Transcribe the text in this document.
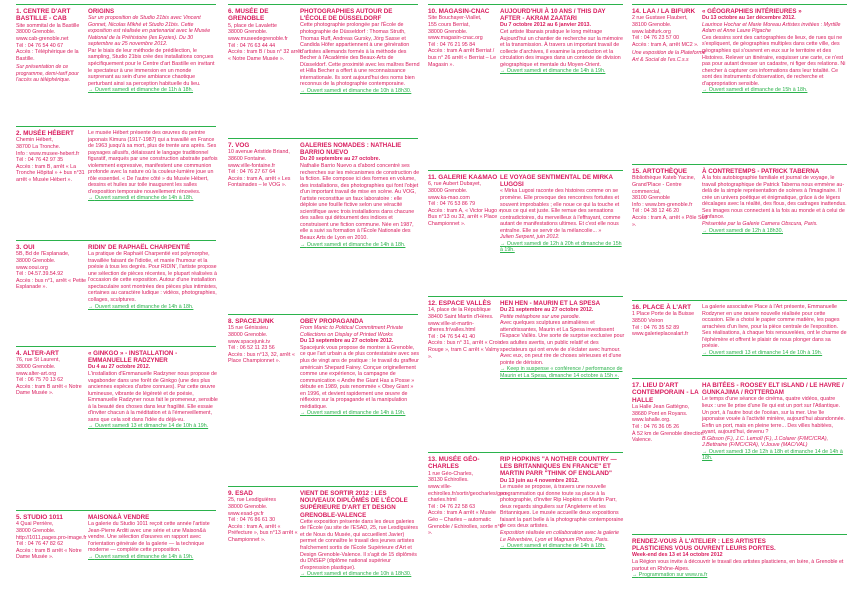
1. CENTRE D'ART BASTILLE - CAB
Site sommital de la Bastille
38000 Grenoble.
www.cab-grenoble.net
Tél : 04 76 54 40 67
Accès : Téléphérique de la Bastille.
Sur présentation de ce programme, demi-tarif pour l'accès au téléphérique.
ORIGINS
Sur un proposition de Studio 21bis avec Vincent Gonnet, Nicolas Mikhé et Studio 21bis. Cette exposition est réalisée en partenariat avec le Musée National de la Préhistoire (les Eyzies). Du 30 septembre au 25 novembre 2012.
Par le biais de leur méthode de prédilection, le sampling, Studio 21bis crée des installations conçues spécifiquement pour le Centre d'art Bastille en invitant le spectateur à une immersion en un monde surprenant au sein d'une ambiance chaotique perturbant ainsi sa perception habituelle du lieu.
→ Ouvert samedi et dimanche de 11h à 18h.
2. MUSÉE HÉBERT
Chemin Hébert,
38700 La Tronche.
Info : www.musee-hebert.fr
Tél : 04 76 42 97 35
Accès : tram B, arrêt « La Tronche Hôpital » + bus n°31 arrêt « Musée Hébert ».
Le musée Hébert présente des œuvres du peintre japonais Kimura (1917-1987) qui a travaillé en France de 1963 jusqu'à sa mort, plus de trente ans après. Ses paysages allusifs, délaissant le langage traditionnel figuratif, marqués par une construction abstraite parfois violemment expressive, manifestent une communion profonde avec la nature où la couleur-lumière joue un rôle essentiel. « De l'autre côté » du Musée Hébert, dessins et huiles sur toile inaugurent les salles d'exposition temporaire nouvellement rénovées.
→ Ouvert samedi et dimanche de 14h à 18h.
3. OUI
5B, Bd de l'Esplanade,
38000 Grenoble.
www.ooui.org
Tél : 04.57.39.54.92
Accès : bus n°1, arrêt « Petite Esplanade ».
RIDIN' DE RAPHAËL CHARPENTIÉ
La pratique de Raphaël Charpentié est polymorphe, travaillée faisant de l'idiotie, et manie l'humour et la poésie à tous les degrés. Pour RIDIN', l'artiste propose une sélection de pièces récentes, le plupart réalisées à l'occasion de cette exposition. Autour d'une installation spectaculaire sont montrées des pièces plus intimistes, certaines au caractère ludique : vidéos, photographies, collages, sculptures.
→ Ouvert samedi et dimanche de 14h à 18h.
4. ALTER-ART
76, rue St Laurent,
38000 Grenoble.
www.alter-art.org
Tél : 06 75 70 13 62
Accès : tram B arrêt « Notre Dame Musée ».
« GINKGO » - INSTALLATION - EMMANUELLE RADZYNER
Du 4 au 27 octobre 2012.
L'installation d'Emmanuelle Radzyner nous propose de vagabonder dans une forêt de Ginkgo (une des plus anciennes espèces d'arbre connues). Par cette œuvre lumineuse, vibrante de légèreté et de poésie, Emmanuelle Radzyner nous fait le promeneur, sensible à la beauté des choses dans leur fragilité. Elle essaie d'inviter chacun à la méditation et à l'émerveillement, sans que cela soit dans l'idée du déjà-vu.
→ Ouvert samedi 13 et dimanche 14 de 10h à 19h.
5. STUDIO 1011
4 Quai Perrière,
38000 Grenoble.
http://1011.pages.pro-image.fr
Tél : 04 76 47 82 62
Accès : tram B arrêt « Notre Dame Musée ».
MAISON&À VENDRE
La galerie du Studio 1011 reçoit cette année l'artiste Jean-Pierre Arditi avec une série et une Maison&à vendre. Une sélection d'œuvres en rapport avec l'orientation générale de la galerie — la technique moderne — complète cette proposition.
→ Ouvert samedi et dimanche de 14h à 19h.
6. MUSÉE DE GRENOBLE
5, place de Lavalette
38000 Grenoble.
www.museedegrenoble.fr
Tél : 04 76 63 44 44
Accès : tram B / bus n° 32 arrêt « Notre Dame Musée ».
PHOTOGRAPHIES AUTOUR DE L'ÉCOLE DE DÜSSELDORF
Cette photographie prolongée par l'École de photographie de Düsseldorf : Thomas Struth, Thomas Ruff, Andreas Gursky, Jörg Sasse et Candida Höfer appartiennent à une génération d'artistes allemands formés à la méthode des Becher à l'Académie des Beaux-Arts de Düsseldorf. Cette proximité avec les maîtres Bernd et Hilla Becher a offert à une reconnaissance internationale. Ils sont aujourd'hui des noms bien reconnus de la photographie contemporaine.
→ Ouvert samedi et dimanche de 10h à 18h30.
7. VOG
10 avenue Aristide Briand, 38600 Fontaine.
www.ville-fontaine.fr
Tél : 04 76 27 67 64
Accès : tram A, arrêt « Les Fontainades – le VOG ».
GALERIES NOMADES : NATHALIE BARRIO NUEVO
Du 20 septembre au 27 octobre.
Nathalie Barrio Nuevo a d'abord concentré ses recherches sur les mécanismes de construction de la fiction. Elle compose ici des formes en volume, des installations, des photographies qui font l'objet d'un important travail de mise en scène. Au VOG, l'artiste reconstitue un faux laboratoire : elle déploie une fouille fictive selon une véracité scientifique avec trois installations dans chacune des salles qui détournent des indices et construisent une fiction commune. Née en 1987, elle a suivi sa formation à l'École Nationale des Beaux Arts de Lyon en 2010.
→ Ouvert samedi et dimanche de 14h à 18h.
8. SPACEJUNK
15 rue Génissieu
38000 Grenoble.
www.spacejunk.tv
Tél : 06 52 11 23 56
Accès : bus n°13, 32, arrêt « Place Championnet ».
OBEY PROPAGANDA
From Manic to Political Commitment Private Collections on Display of Printed Works
Du 13 septembre au 27 octobre 2012.
Spacejunk vous propose de montrer à Grenoble, ce que l'art urbain a de plus contestataire avec ses plus de vingt ans de pratique : le travail du graffeur américain Shepard Fairey. Conçue originellement comme une expérience, la campagne de communication « Andre the Giant Has a Posse » débute en 1989, puis renommée « Obey Giant » en 1996, et devient rapidement une œuvre de réflexion sur la propagande et la manipulation médiatique.
→ Ouvert samedi et dimanche de 14h à 19h.
9. ESAD
25, rue Lesdiguières
38000 Grenoble.
www.esad-gv.fr
Tél : 04 76 86 61 30
Accès : tram A, arrêt « Préfecture », bus n°13 arrêt « Championnet ».
VIENT DE SORTIR 2012 : LES NOUVEAUX DIPLÔMÉS DE L'ÉCOLE SUPÉRIEURE D'ART ET DESIGN GRENOBLE-VALENCE
Cette exposition présente dans les deux galeries de l'École (au site de l'ESAD, 25, rue Lesdiguières et de Nous du Musée, qui accueillent Javier) permet de connaître le travail des jeunes artistes fraîchement sortis de l'École Supérieure d'Art et Design Grenoble-Valence. Il s'agit de 15 diplômés du DNSEP (diplôme national supérieur d'expression plastique).
→ Ouvert samedi et dimanche de 10h à 18h30.
10. MAGASIN-CNAC
Site Bouchayer-Viallet,
155 cours Berriat,
38000 Grenoble.
www.magasin-cnac.org
Tél : 04 76 21 95 84
Accès : tram A arrêt Berriat / bus n° 26 arrêt « Berriat – Le Magasin ».
AUJOURD'HUI À 10 ANS / THIS DAY AFTER - AKRAM ZAATARI
Du 7 octobre 2012 au 6 janvier 2013.
Cet artiste libanais pratique le long métrage Aujourd'hui un chantier de recherche sur la mémoire et la transmission. À travers un important travail de collecte d'archives, il examine la production et la circulation des images dans un contexte de division géographique et mentale du Moyen-Orient.
→ Ouvert samedi et dimanche de 14h à 19h.
11. GALERIE KA&MAO
6, rue Aubert Dubayet,
38000 Grenoble.
www.ka-mao.com
Tél : 04 76 53 86 79
Accès : tram A, « Victor Hugo »,
Bus n°13 ou 32, arrêt « Place Championnet ».
LE VOYAGE SENTIMENTAL DE MIRKA LUGOSI
« Mirka Lugosi raconte des histoires comme on se promène. Elle provoque des rencontres fortuites et souvent improbables ; elle noue ce qui la touche et nous ce qui est juste. Elle remue des sensations contradictoires, du merveilleux à l'effrayant, comme autant de manifestations ultimes. Et c'est elle nous entraîne. Elle se servir de la mélancolie... »
Julien Serpent, juin 2012.
→ Ouvert samedi de 12h à 20h et dimanche de 15h à 19h.
12. ESPACE VALLÈS
14, place de la République
38400 Saint Martin d'Hères.
www.ville-st-martin-dheres.fr/valles.html
Tél : 04 76 54 41 40
Accès : bus n° 31, arrêt « Croix Rouge », tram C arrêt « Valmy ».
HEN HEN - MAURIN ET LA SPESA
Du 21 septembre au 27 octobre 2012.
Petite métaphore sur une parodie.
Avec quelques sculptures animalières et attendrissantes, Maurin et La Spesa investissent l'Espace Vallès. Une sorte de surprise exclusive pour des adultes avertis, un public relatif et des spectateurs qui ont envie de s'éclater avec humour. Avec eux, on peut rire de choses sérieuses et d'une pointe de dérision.
→ Keep in suspense « conférence / performance de Maurin et La Spesa, dimanche 14 octobre à 15h ».
13. MUSÉE GÉO-CHARLES
1 rue Géo-Charles,
38130 Échirolles.
www.ville-echirolles.fr/sortir/geocharles/geo-charles.html
Tél : 04 76 22 58 63
Accès : tram A arrêt « Musée Géo – Charles – automatic Grenoble / Echirolles, sortie n°6 ».
RIP HOPKINS "A NOTHER COUNTRY — LES BRITANNIQUES EN FRANCE" ET MARTIN PARR "THINK OF ENGLAND"
Du 13 juin au 4 novembre 2012.
Le musée se propose, à travers une nouvelle programmation qui donne toute sa place à la photographie, d'inviter Rip Hopkins et Martin Parr, deux regards singuliers sur l'Angleterre et les Britanniques. Le musée accueille deux expositions faisant la part belle à la photographie contemporaine de ces deux artistes.
Exposition réalisée en collaboration avec la galerie Le Réverbère, Lyon et Magnum Photos, Paris.
→ Ouvert samedi et dimanche de 14h à 18h.
14. LAA / LA BIFURK
2 rue Gustave Flaubert,
38100 Grenoble.
www.labifurk.org
Tél : 04 76 23 57 00
Accès : tram A, arrêt MC2 ».
Une exposition de la Plateforme Art & Social de l'es.C.s.s
« GÉOGRAPHIES INTÉRIEURES »
Du 13 octobre au 1er décembre 2012.
Laurince Hochar et Marie Moreau Artistes invitées : Myrtille Adam et Anne Laure Pigache
Ces dessins sont des cartographies de lieux, de rues qui ne s'expliquent, de géographies multiples dans cette ville, des géographies qui s'ouvrent en eux sur le territoire et des Histoires. Relever un itinéraire, esquisser une carte, ce n'est pas pour autant dresser un cadastre, ni figer des relations. Ni chercher à capturer ces informations dans leur totalité. Ce sont des instruments d'observation, de recherche et d'appropriation sensible.
→ Ouvert samedi et dimanche de 15h à 18h.
15. ARTOTHÈQUE
Bibliothèque Kateb Yacine, Grand'Place - Centre commercial,
38100 Grenoble
Info : www.bm-grenoble.fr
Tél : 04 38 12 46 20
Accès : tram A, arrêt « Pôle Sud ».
À CONTRETEMPS - PATRICK TABERNA
À la fois autobiographie familiale et journal de voyage, le travail photographique de Patrick Taberna nous emmène au-delà de la simple représentation de scènes à l'imaginaire. Il crée un univers poétique et énigmatique, grâce à de légers décalages avec la réalité, des flous, des cadrages inattendus. Ses images nous connectent à la fois au monde et à celui de l'enfance.
Présentée par la Galerie Camera Obscura, Paris.
→ Ouvert samedi de 12h à 18h30.
16. PLACE À L'ART
1 Place Porte de la Buisse
38500 Voiron
Tél : 04 76 35 52 89
www.galerieplacealart.fr
La galerie associative Place à l'Art présente, Emmanuelle Rodzyner en une œuvre nouvelle réalisée pour cette occasion. Elle a choisi le papier comme matière, les pages arrachées d'un livre, pour la pièce centrale de l'exposition. Ses réalisations, à chaque fois renouvelées, ont le charme de l'éphémère et offrent le plaisir de nous plonger dans sa poésie.
→ Ouvert samedi 13 et dimanche 14 de 10h à 19h.
17. LIEU D'ART CONTEMPORAIN - LA HALLE
La Halle Jean Gattégno,
38680 Pont en Royans.
www.lahalle.org.
Tél : 04 76 36 05 26
À 52 km de Grenoble direction Valence.
HA BITÉES - ROOSEY ELT ISLAND / LE HAVRE / GUNKAJIMA / ROTTERDAM
Le temps d'une séance de cinéma, quatre vidéos, quatre lieux : une île prise d'une île qui est un port sur l'Atlantique. Un port, à l'autre bout de l'océan, sur la mer. Une île japonaise vouée à l'activité minière, aujourd'hui abandonnée. Enfin un port, mais en pleine terre... Des villes habitées, ayant, aujourd'hui, devenu ?
B.Gibson (F.), J.C. Lemoîl (F.), J.Colarer (F/MC/CRA), J.Bettraine (F/MC/CRA), V.Jouve (MAC/VAL)
→ Ouvert samedi 13 de 12h à 18h et dimanche 14 de 14h à 18h.
RENDEZ-VOUS À L'ATELIER : LES ARTISTES PLASTICIENS VOUS OUVRENT LEURS PORTES.
Week-end des 13 et 14 octobre 2012
La Région vous invite à découvrir le travail des artistes plasticiens, en Isère, à Grenoble et partout en Rhône-Alpes.
→ Programmation sur www.ra.fr
